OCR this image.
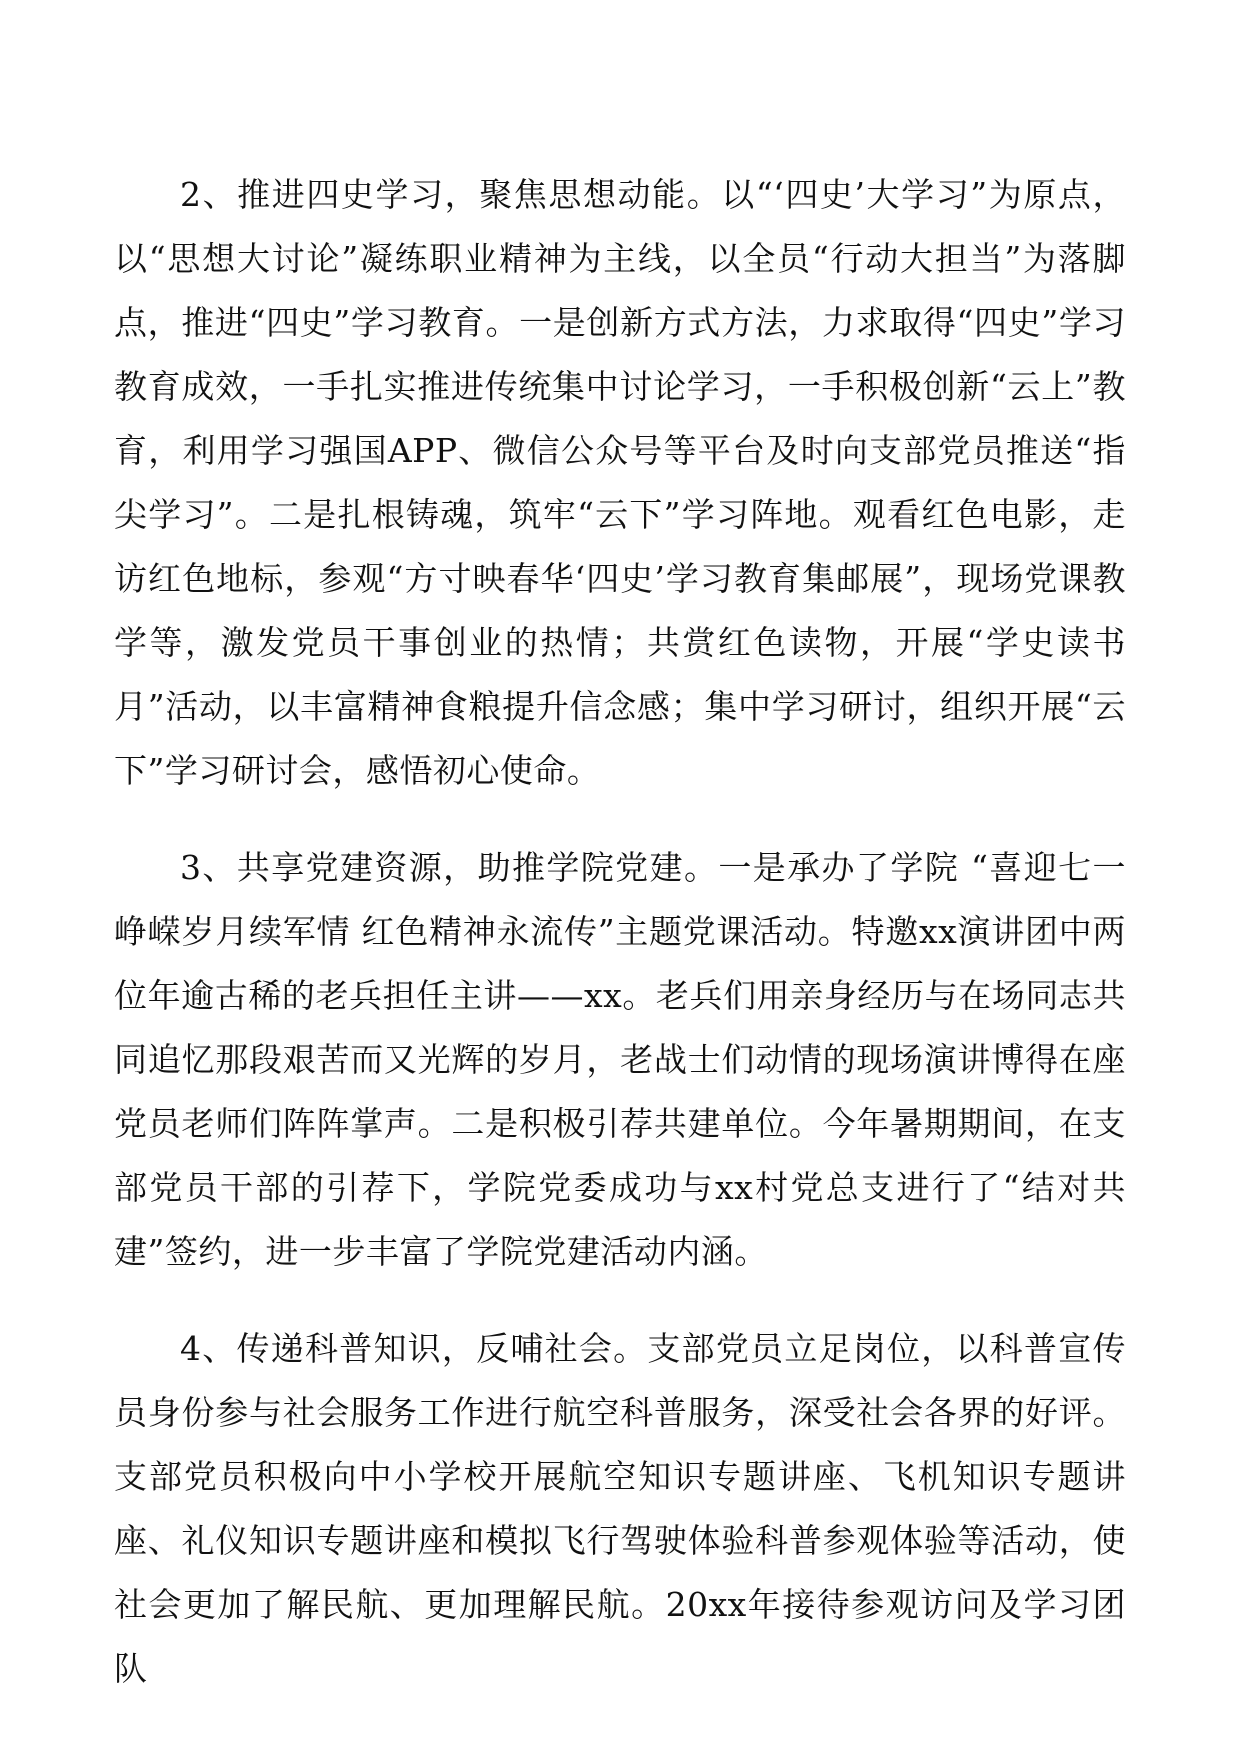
2、推进四史学习，聚焦思想动能。以“‘四史’大学习”为原点，以“思想大讨论”凝练职业精神为主线，以全员“行动大担当”为落脚点，推进“四史”学习教育。一是创新方式方法，力求取得“四史”学习教育成效，一手扎实推进传统集中讨论学习，一手积极创新“云上”教育，利用学习强国APP、微信公众号等平台及时向支部党员推送“指尖学习”。二是扎根铸魂，筑牢“云下”学习阵地。观看红色电影，走访红色地标，参观“方寸映春华‘四史’学习教育集邮展”，现场党课教学等，激发党员干事创业的热情；共赏红色读物，开展“学史读书月”活动，以丰富精神食粮提升信念感；集中学习研讨，组织开展“云下”学习研讨会，感悟初心使命。

3、共享党建资源，助推学院党建。一是承办了学院 “喜迎七一 峥嵘岁月续军情 红色精神永流传”主题党课活动。特邀xx演讲团中两位年逾古稀的老兵担任主讲——xx。老兵们用亲身经历与在场同志共同追忆那段艰苦而又光辉的岁月，老战士们动情的现场演讲博得在座党员老师们阵阵掌声。二是积极引荐共建单位。今年暑期期间，在支部党员干部的引荐下，学院党委成功与xx村党总支进行了“结对共建”签约，进一步丰富了学院党建活动内涵。

4、传递科普知识，反哺社会。支部党员立足岗位，以科普宣传员身份参与社会服务工作进行航空科普服务，深受社会各界的好评。支部党员积极向中小学校开展航空知识专题讲座、飞机知识专题讲座、礼仪知识专题讲座和模拟飞行驾驶体验科普参观体验等活动，使社会更加了解民航、更加理解民航。20xx年接待参观访问及学习团队
